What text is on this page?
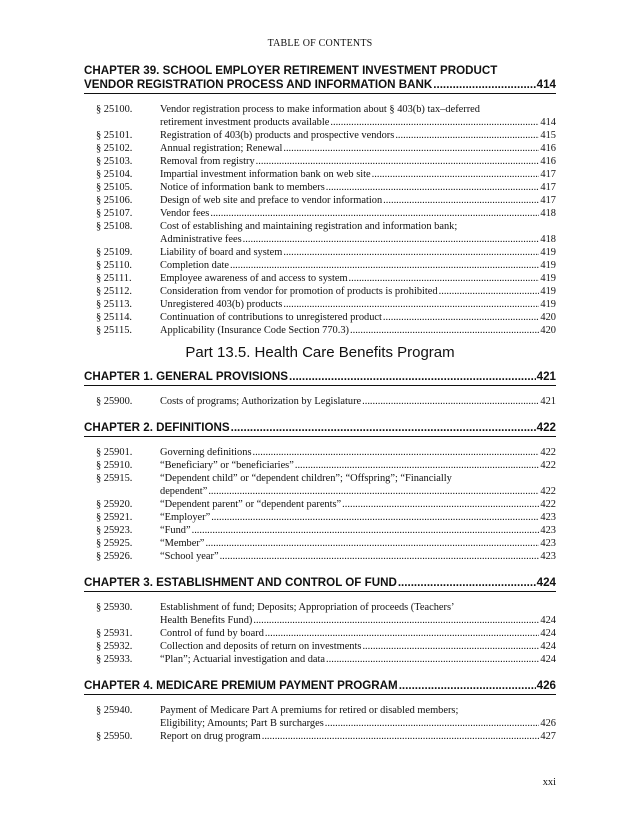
TABLE OF CONTENTS
CHAPTER 39. SCHOOL EMPLOYER RETIREMENT INVESTMENT PRODUCT
VENDOR REGISTRATION PROCESS AND INFORMATION BANK .....	414
§ 25100.	Vendor registration process to make information about § 403(b) tax–deferred
retirement investment products available .....	414
§ 25101.	Registration of 403(b) products and prospective vendors .....	415
§ 25102.	Annual registration; Renewal .....	416
§ 25103.	Removal from registry .....	416
§ 25104.	Impartial investment information bank on web site .....	417
§ 25105.	Notice of information bank to members .....	417
§ 25106.	Design of web site and preface to vendor information .....	417
§ 25107.	Vendor fees .....	418
§ 25108.	Cost of establishing and maintaining registration and information bank;
Administrative fees .....	418
§ 25109.	Liability of board and system .....	419
§ 25110.	Completion date .....	419
§ 25111.	Employee awareness of and access to system .....	419
§ 25112.	Consideration from vendor for promotion of products is prohibited .....	419
§ 25113.	Unregistered 403(b) products .....	419
§ 25114.	Continuation of contributions to unregistered product .....	420
§ 25115.	Applicability (Insurance Code Section 770.3) .....	420
Part 13.5. Health Care Benefits Program
CHAPTER 1. GENERAL PROVISIONS .....	421
§ 25900.	Costs of programs; Authorization by Legislature .....	421
CHAPTER 2. DEFINITIONS .....	422
§ 25901.	Governing definitions .....	422
§ 25910.	“Beneficiary” or “beneficiaries” .....	422
§ 25915.	“Dependent child” or “dependent children”; “Offspring”; “Financially
dependent” .....	422
§ 25920.	“Dependent parent” or “dependent parents” .....	422
§ 25921.	“Employer” .....	423
§ 25923.	“Fund” .....	423
§ 25925.	“Member” .....	423
§ 25926.	“School year” .....	423
CHAPTER 3. ESTABLISHMENT AND CONTROL OF FUND .....	424
§ 25930.	Establishment of fund; Deposits; Appropriation of proceeds (Teachers’
Health Benefits Fund) .....	424
§ 25931.	Control of fund by board .....	424
§ 25932.	Collection and deposits of return on investments .....	424
§ 25933.	“Plan”; Actuarial investigation and data .....	424
CHAPTER 4. MEDICARE PREMIUM PAYMENT PROGRAM .....	426
§ 25940.	Payment of Medicare Part A premiums for retired or disabled members;
Eligibility; Amounts; Part B surcharges .....	426
§ 25950.	Report on drug program .....	427
xxi
